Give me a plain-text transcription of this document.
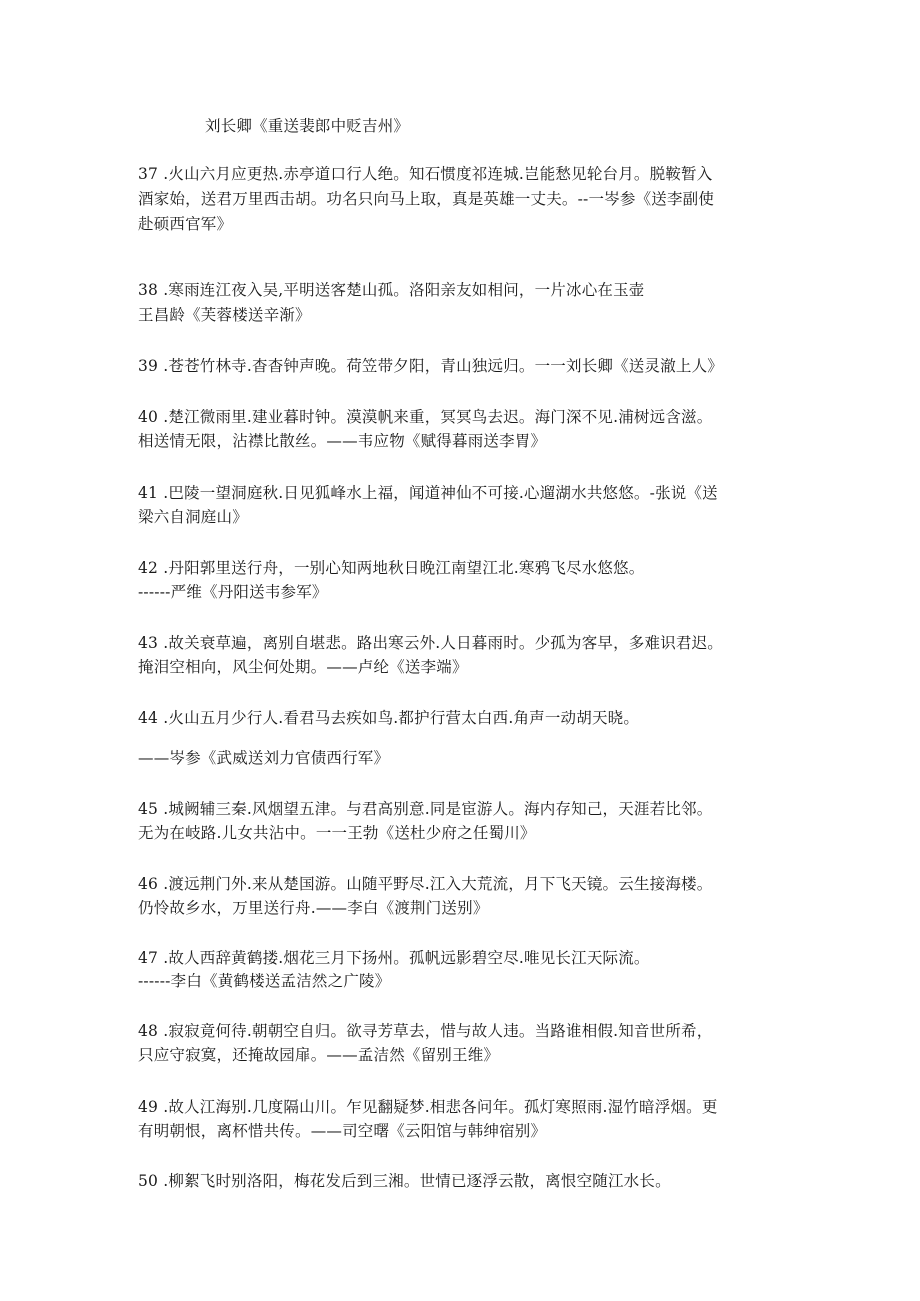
刘长卿《重送裴郎中贬吉州》
37 .火山六月应更热.赤亭道口行人绝。知石惯度祁连城.岂能愁见轮台月。脱鞍暂入
酒家始，送君万里西击胡。功名只向马上取，真是英雄一丈夫。--一岑参《送李副使
赴硕西官军》
38 .寒雨连江夜入吴,平明送客楚山孤。洛阳亲友如相问，一片冰心在玉壶
王昌龄《芙蓉楼送辛渐》
39 .苍苍竹林寺.杳杳钟声晚。荷笠带夕阳，青山独远归。一一刘长卿《送灵澈上人》
40 .楚江微雨里.建业暮时钟。漠漠帆来重，冥冥鸟去迟。海门深不见.浦树远含滋。
相送情无限，沾襟比散丝。——韦应物《赋得暮雨送李胃》
41 .巴陵一望洞庭秋.日见狐峰水上福，闻道神仙不可接.心遛湖水共悠悠。-张说《送
梁六自洞庭山》
42 .丹阳郭里送行舟，一别心知两地秋日晚江南望江北.寒鸦飞尽水悠悠。
------严维《丹阳送韦参军》
43 .故关衰草遍，离别自堪悲。路出寒云外.人日暮雨时。少孤为客早，多难识君迟。
掩泪空相向，风尘何处期。——卢纶《送李端》
44 .火山五月少行人.看君马去疾如鸟.都护行营太白西.角声一动胡天晓。
——岑参《武威送刘力官债西行军》
45 .城阙辅三秦.风烟望五津。与君高别意.同是宦游人。海内存知己，天涯若比邻。
无为在岐路.儿女共沾中。一一王勃《送杜少府之任蜀川》
46 .渡远荆门外.来从楚国游。山随平野尽.江入大荒流，月下飞天镜。云生接海楼。
仍怜故乡水，万里送行舟.——李白《渡荆门送别》
47 .故人西辞黄鹤搂.烟花三月下扬州。孤帆远影碧空尽.唯见长江天际流。
------李白《黄鹤楼送孟洁然之广陵》
48 .寂寂竟何待.朝朝空自归。欲寻芳草去，惜与故人违。当路谁相假.知音世所希，
只应守寂寞，还掩故园扉。——孟洁然《留别王维》
49 .故人江海别.几度隔山川。乍见翻疑梦.相悲各问年。孤灯寒照雨.湿竹暗浮烟。更
有明朝恨，离杯惜共传。——司空曙《云阳馆与韩绅宿别》
50 .柳絮飞时别洛阳，梅花发后到三湘。世情已逐浮云散，离恨空随江水长。
